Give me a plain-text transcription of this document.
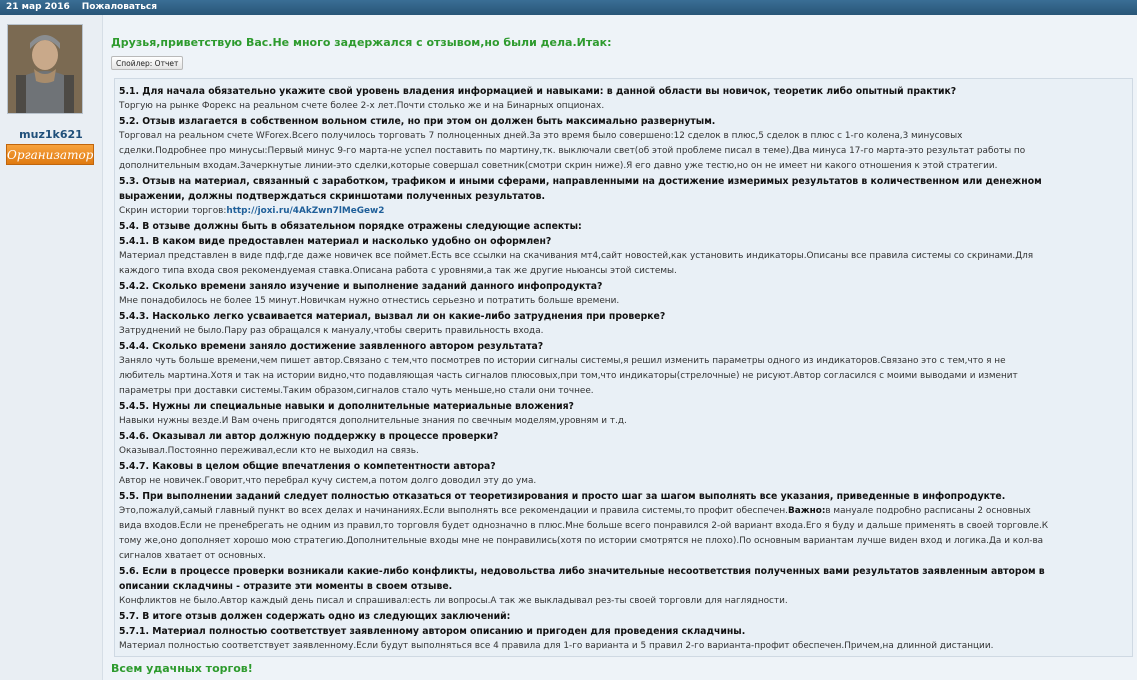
21 мар 2016 Пожаловаться
muz1k621
Организатор
Друзья,приветствую Вас.Не много задержался с отзывом,но были дела.Итак:
Спойлер: Отчет

5.1. Для начала обязательно укажите свой уровень владения информацией и навыками: в данной области вы новичок, теоретик либо опытный практик?

Торгую на рынке Форекс на реальном счете более 2-х лет.Почти столько же и на Бинарных опционах.

5.2. Отзыв излагается в собственном вольном стиле, но при этом он должен быть максимально развернутым.

Торговал на реальном счете WForex.Всего получилось торговать 7 полноценных дней.За это время было совершено:12 сделок в плюс,5 сделок в плюс с 1-го колена,3 минусовых

сделки.Подробнее про минусы:Первый минус 9-го марта-не успел поставить по мартину,тк. выключали свет(об этой проблеме писал в теме).Два минуса 17-го марта-это результат работы по

дополнительным входам.Зачеркнутые линии-это сделки,которые совершал советник(смотри скрин ниже).Я его давно уже тестю,но он не имеет ни какого отношения к этой стратегии.

5.3. Отзыв на материал, связанный с заработком, трафиком и иными сферами, направленными на достижение измеримых результатов в количественном или денежном

выражении, должны подтверждаться скриншотами полученных результатов.

Скрин истории торгов:http://joxi.ru/4AkZwn7lMeGew2

5.4. В отзыве должны быть в обязательном порядке отражены следующие аспекты:

5.4.1. В каком виде предоставлен материал и насколько удобно он оформлен?

Материал представлен в виде пдф,где даже новичек все поймет.Есть все ссылки на скачивания мт4,сайт новостей,как установить индикаторы.Описаны все правила системы со скринами.Для

каждого типа входа своя рекомендуемая ставка.Описана работа с уровнями,а так же другие ньюансы этой системы.

5.4.2. Сколько времени заняло изучение и выполнение заданий данного инфопродукта?

Мне понадобилось не более 15 минут.Новичкам нужно отнестись серьезно и потратить больше времени.

5.4.3. Насколько легко усваивается материал, вызвал ли он какие-либо затруднения при проверке?

Затруднений не было.Пару раз обращался к мануалу,чтобы сверить правильность входа.

5.4.4. Сколько времени заняло достижение заявленного автором результата?

Заняло чуть больше времени,чем пишет автор.Связано с тем,что посмотрев по истории сигналы системы,я решил изменить параметры одного из индикаторов.Связано это с тем,что я не

любитель мартина.Хотя и так на истории видно,что подавляющая часть сигналов плюсовых,при том,что индикаторы(стрелочные) не рисуют.Автор согласился с моими выводами и изменит

параметры при доставки системы.Таким образом,сигналов стало чуть меньше,но стали они точнее.

5.4.5. Нужны ли специальные навыки и дополнительные материальные вложения?

Навыки нужны везде.И Вам очень пригодятся дополнительные знания по свечным моделям,уровням и т.д.

5.4.6. Оказывал ли автор должную поддержку в процессе проверки?

Оказывал.Постоянно переживал,если кто не выходил на связь.

5.4.7. Каковы в целом общие впечатления о компетентности автора?

Автор не новичек.Говорит,что перебрал кучу систем,а потом долго доводил эту до ума.

5.5. При выполнении заданий следует полностью отказаться от теоретизирования и просто шаг за шагом выполнять все указания, приведенные в инфопродукте.

Это,пожалуй,самый главный пункт во всех делах и начинаниях.Если выполнять все рекомендации и правила системы,то профит обеспечен.Важно:в мануале подробно расписаны 2 основных

вида входов.Если не пренебрегать не одним из правил,то торговля будет однозначно в плюс.Мне больше всего понравился 2-ой вариант входа.Его я буду и дальше применять в своей торговле.К

тому же,оно дополняет хорошо мою стратегию.Дополнительные входы мне не понравились(хотя по истории смотрятся не плохо).По основным вариантам лучше виден вход и логика.Да и кол-ва

сигналов хватает от основных.

5.6. Если в процессе проверки возникали какие-либо конфликты, недовольства либо значительные несоответствия полученных вами результатов заявленным автором в

описании складчины - отразите эти моменты в своем отзыве.

Конфликтов не было.Автор каждый день писал и спрашивал:есть ли вопросы.А так же выкладывал рез-ты своей торговли для наглядности.

5.7. В итоге отзыв должен содержать одно из следующих заключений:

5.7.1. Материал полностью соответствует заявленному автором описанию и пригоден для проведения складчины.

Материал полностью соответствует заявленному.Если будут выполняться все 4 правила для 1-го варианта и 5 правил 2-го варианта-профит обеспечен.Причем,на длинной дистанции.

Всем удачных торгов!
